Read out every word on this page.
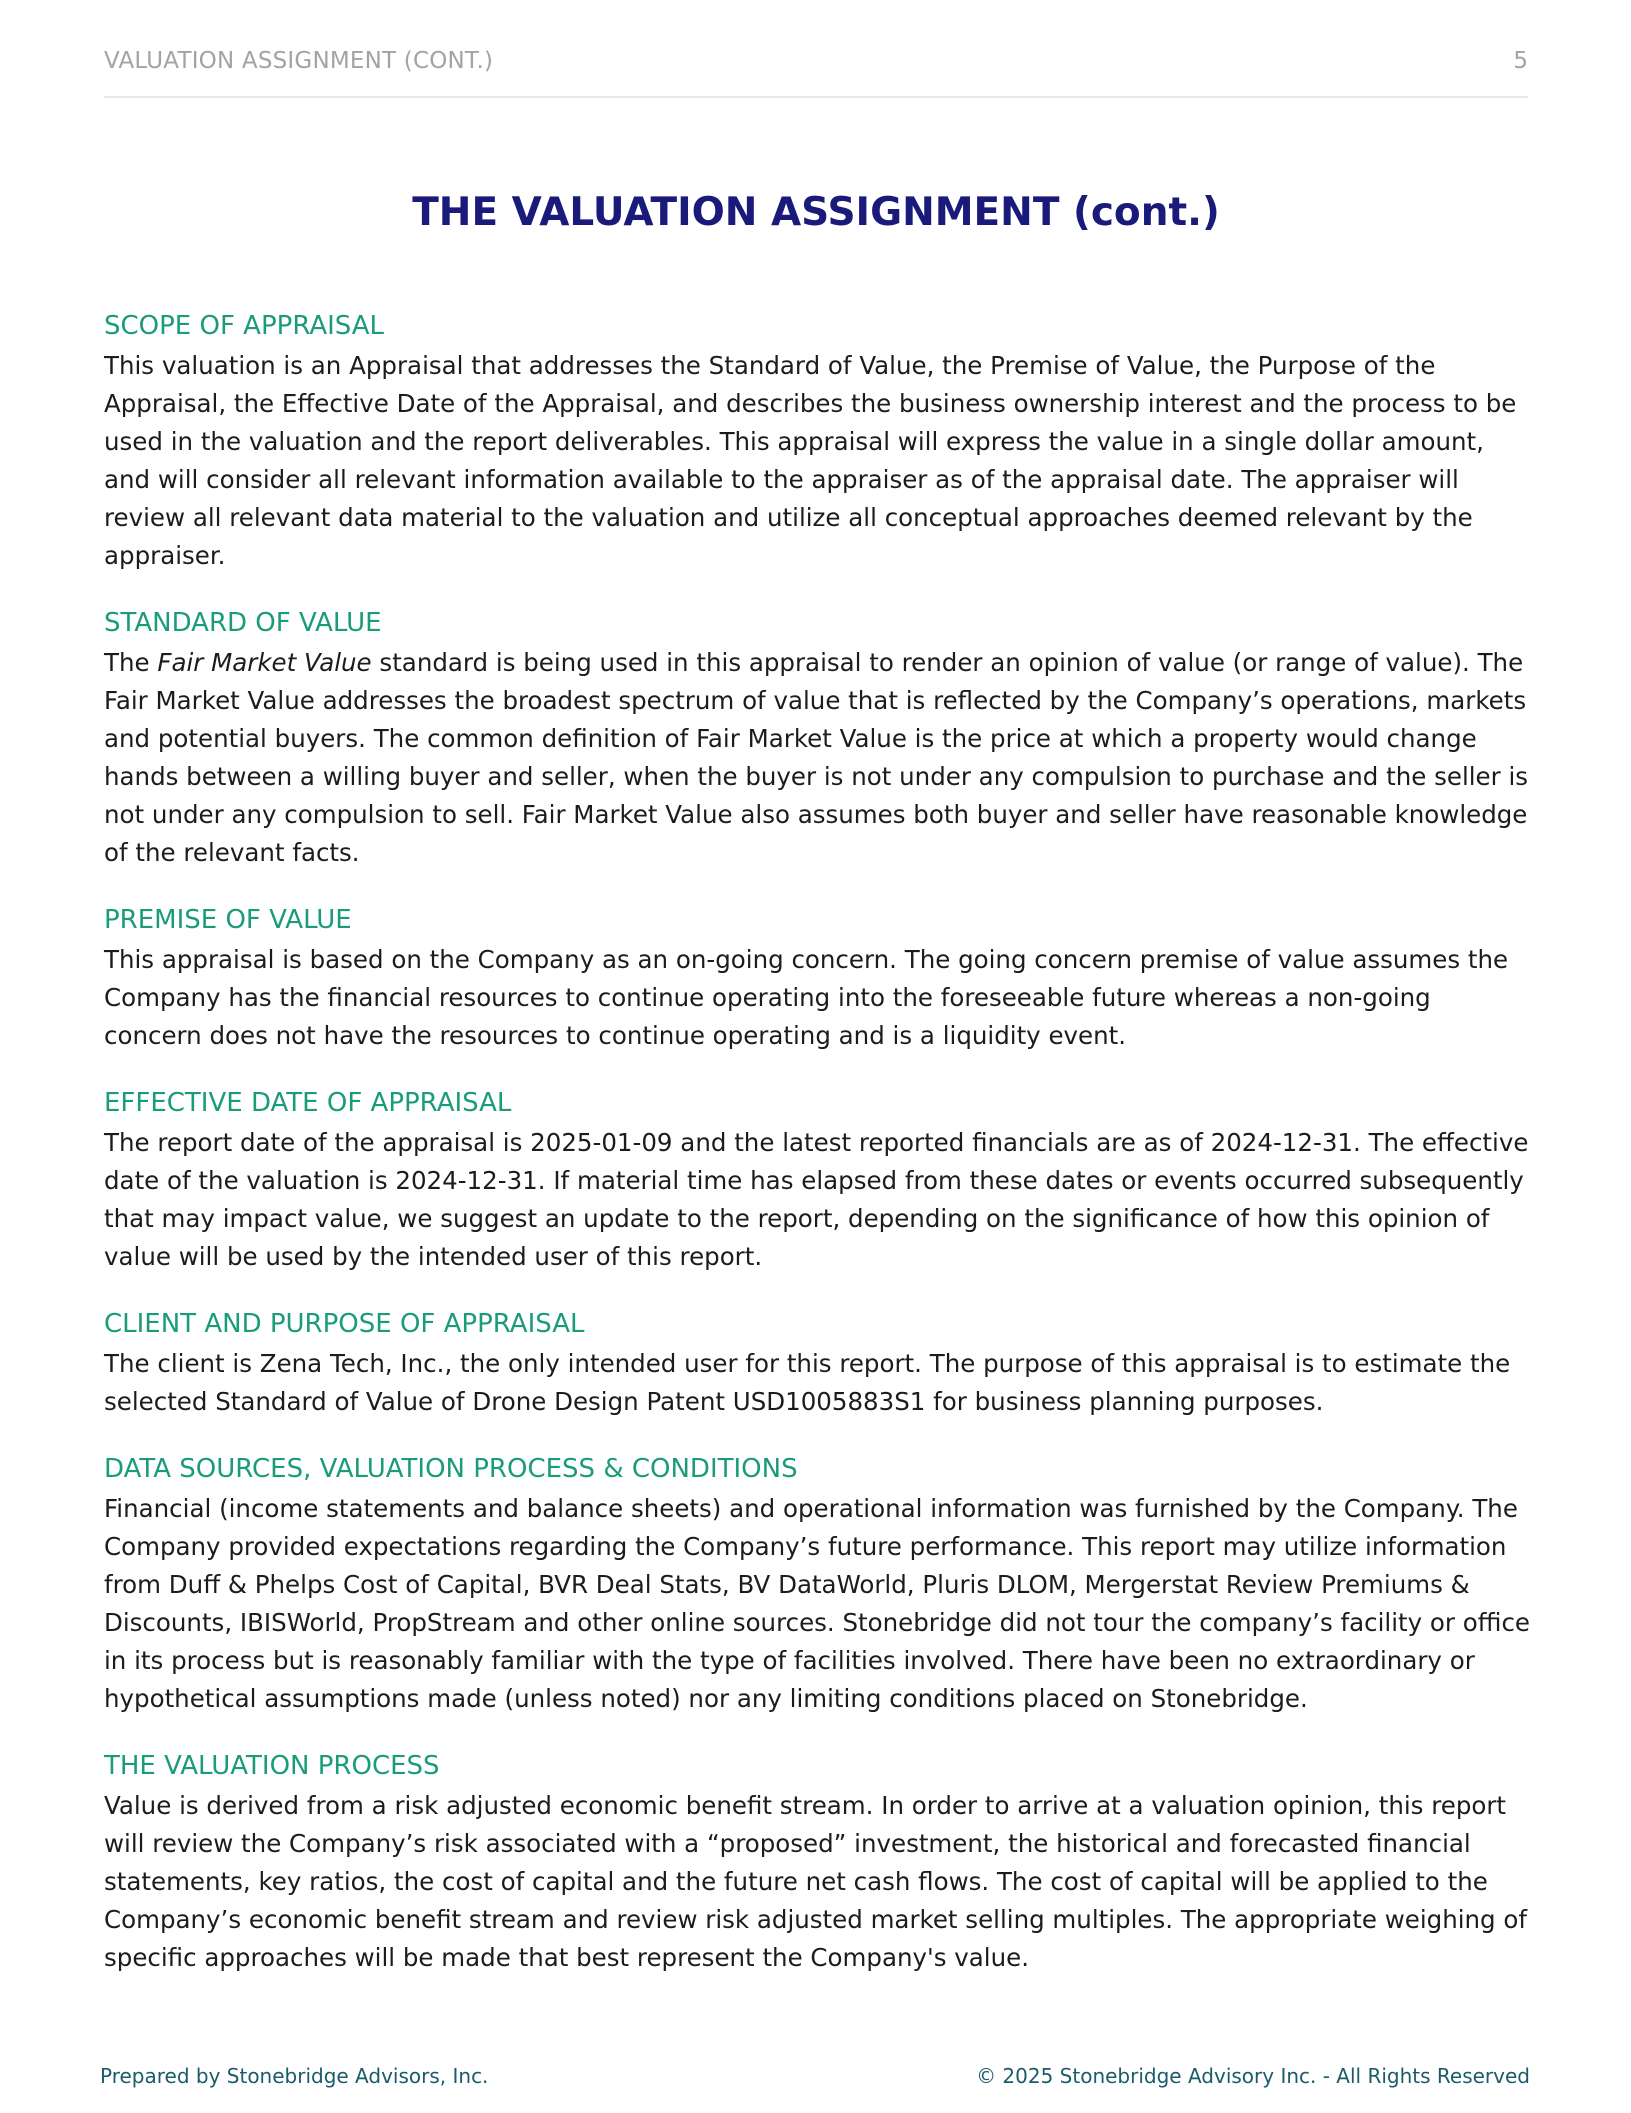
VALUATION ASSIGNMENT (CONT.)	5
THE VALUATION ASSIGNMENT (cont.)
SCOPE OF APPRAISAL

This valuation is an Appraisal that addresses the Standard of Value, the Premise of Value, the Purpose of the Appraisal, the Effective Date of the Appraisal, and describes the business ownership interest and the process to be used in the valuation and the report deliverables. This appraisal will express the value in a single dollar amount, and will consider all relevant information available to the appraiser as of the appraisal date. The appraiser will review all relevant data material to the valuation and utilize all conceptual approaches deemed relevant by the appraiser.

STANDARD OF VALUE

The Fair Market Value standard is being used in this appraisal to render an opinion of value (or range of value). The Fair Market Value addresses the broadest spectrum of value that is reflected by the Company’s operations, markets and potential buyers. The common definition of Fair Market Value is the price at which a property would change hands between a willing buyer and seller, when the buyer is not under any compulsion to purchase and the seller is not under any compulsion to sell. Fair Market Value also assumes both buyer and seller have reasonable knowledge of the relevant facts.

PREMISE OF VALUE

This appraisal is based on the Company as an on-going concern. The going concern premise of value assumes the Company has the financial resources to continue operating into the foreseeable future whereas a non-going concern does not have the resources to continue operating and is a liquidity event.

EFFECTIVE DATE OF APPRAISAL

The report date of the appraisal is 2025-01-09 and the latest reported financials are as of 2024-12-31. The effective date of the valuation is 2024-12-31. If material time has elapsed from these dates or events occurred subsequently that may impact value, we suggest an update to the report, depending on the significance of how this opinion of value will be used by the intended user of this report.

CLIENT AND PURPOSE OF APPRAISAL

The client is Zena Tech, Inc., the only intended user for this report. The purpose of this appraisal is to estimate the selected Standard of Value of Drone Design Patent USD1005883S1 for business planning purposes.

DATA SOURCES, VALUATION PROCESS & CONDITIONS

Financial (income statements and balance sheets) and operational information was furnished by the Company. The Company provided expectations regarding the Company’s future performance. This report may utilize information from Duff & Phelps Cost of Capital, BVR Deal Stats, BV DataWorld, Pluris DLOM, Mergerstat Review Premiums & Discounts, IBISWorld, PropStream and other online sources. Stonebridge did not tour the company’s facility or office in its process but is reasonably familiar with the type of facilities involved. There have been no extraordinary or hypothetical assumptions made (unless noted) nor any limiting conditions placed on Stonebridge.

THE VALUATION PROCESS

Value is derived from a risk adjusted economic benefit stream. In order to arrive at a valuation opinion, this report will review the Company’s risk associated with a “proposed” investment, the historical and forecasted financial statements, key ratios, the cost of capital and the future net cash flows. The cost of capital will be applied to the Company’s economic benefit stream and review risk adjusted market selling multiples. The appropriate weighing of specific approaches will be made that best represent the Company's value.

Prepared by Stonebridge Advisors, Inc.	© 2025 Stonebridge Advisory Inc. - All Rights Reserved
